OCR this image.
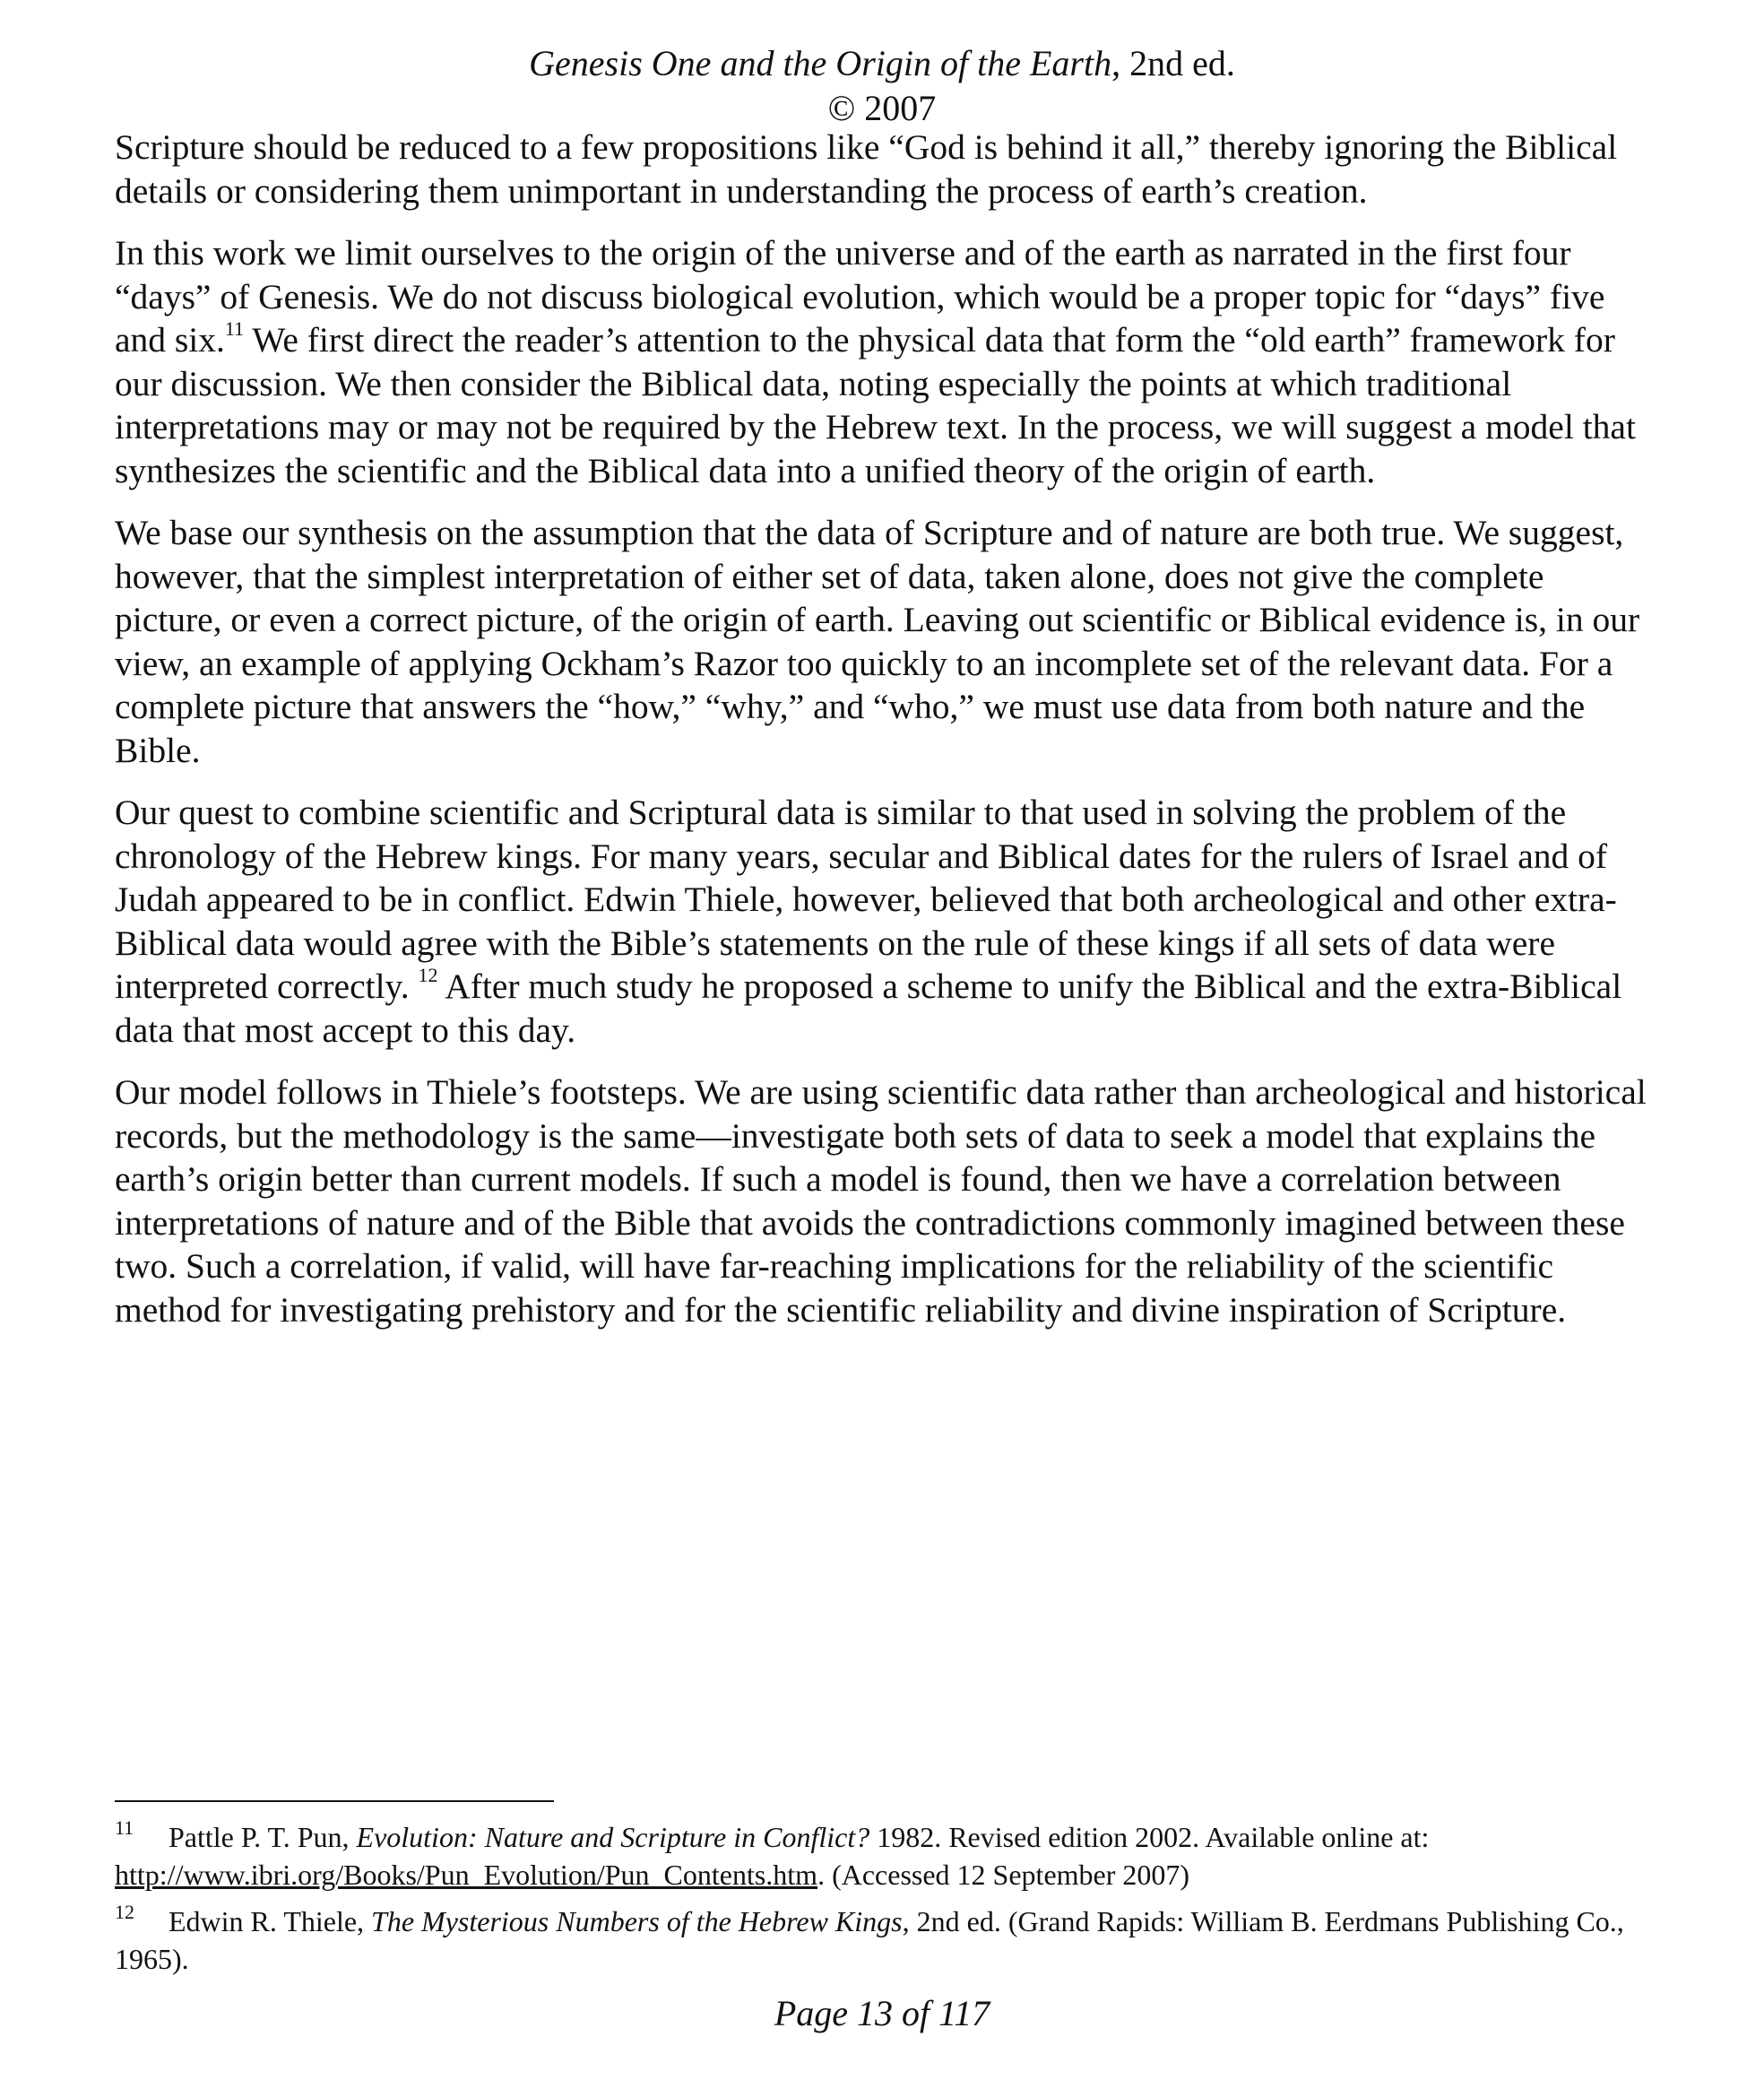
Genesis One and the Origin of the Earth, 2nd ed.
© 2007

Scripture should be reduced to a few propositions like “God is behind it all,” thereby ignoring the Biblical details or considering them unimportant in understanding the process of earth’s creation.

In this work we limit ourselves to the origin of the universe and of the earth as narrated in the first four “days” of Genesis. We do not discuss biological evolution, which would be a proper topic for “days” five and six.$^{11}$ We first direct the reader’s attention to the physical data that form the “old earth” framework for our discussion. We then consider the Biblical data, noting especially the points at which traditional interpretations may or may not be required by the Hebrew text. In the process, we will suggest a model that synthesizes the scientific and the Biblical data into a unified theory of the origin of earth.

We base our synthesis on the assumption that the data of Scripture and of nature are both true. We suggest, however, that the simplest interpretation of either set of data, taken alone, does not give the complete picture, or even a correct picture, of the origin of earth. Leaving out scientific or Biblical evidence is, in our view, an example of applying Ockham’s Razor too quickly to an incomplete set of the relevant data. For a complete picture that answers the “how,” “why,” and “who,” we must use data from both nature and the Bible.

Our quest to combine scientific and Scriptural data is similar to that used in solving the problem of the chronology of the Hebrew kings. For many years, secular and Biblical dates for the rulers of Israel and of Judah appeared to be in conflict. Edwin Thiele, however, believed that both archeological and other extra-Biblical data would agree with the Bible’s statements on the rule of these kings if all sets of data were interpreted correctly. $^{12}$ After much study he proposed a scheme to unify the Biblical and the extra-Biblical data that most accept to this day.

Our model follows in Thiele’s footsteps. We are using scientific data rather than archeological and historical records, but the methodology is the same—investigate both sets of data to seek a model that explains the earth’s origin better than current models. If such a model is found, then we have a correlation between interpretations of nature and of the Bible that avoids the contradictions commonly imagined between these two. Such a correlation, if valid, will have far-reaching implications for the reliability of the scientific method for investigating prehistory and for the scientific reliability and divine inspiration of Scripture.

11 Pattle P. T. Pun, Evolution: Nature and Scripture in Conflict? 1982. Revised edition 2002. Available online at: http://www.ibri.org/Books/Pun_Evolution/Pun_Contents.htm. (Accessed 12 September 2007)

12 Edwin R. Thiele, The Mysterious Numbers of the Hebrew Kings, 2nd ed. (Grand Rapids: William B. Eerdmans Publishing Co., 1965).

Page 13 of 117
